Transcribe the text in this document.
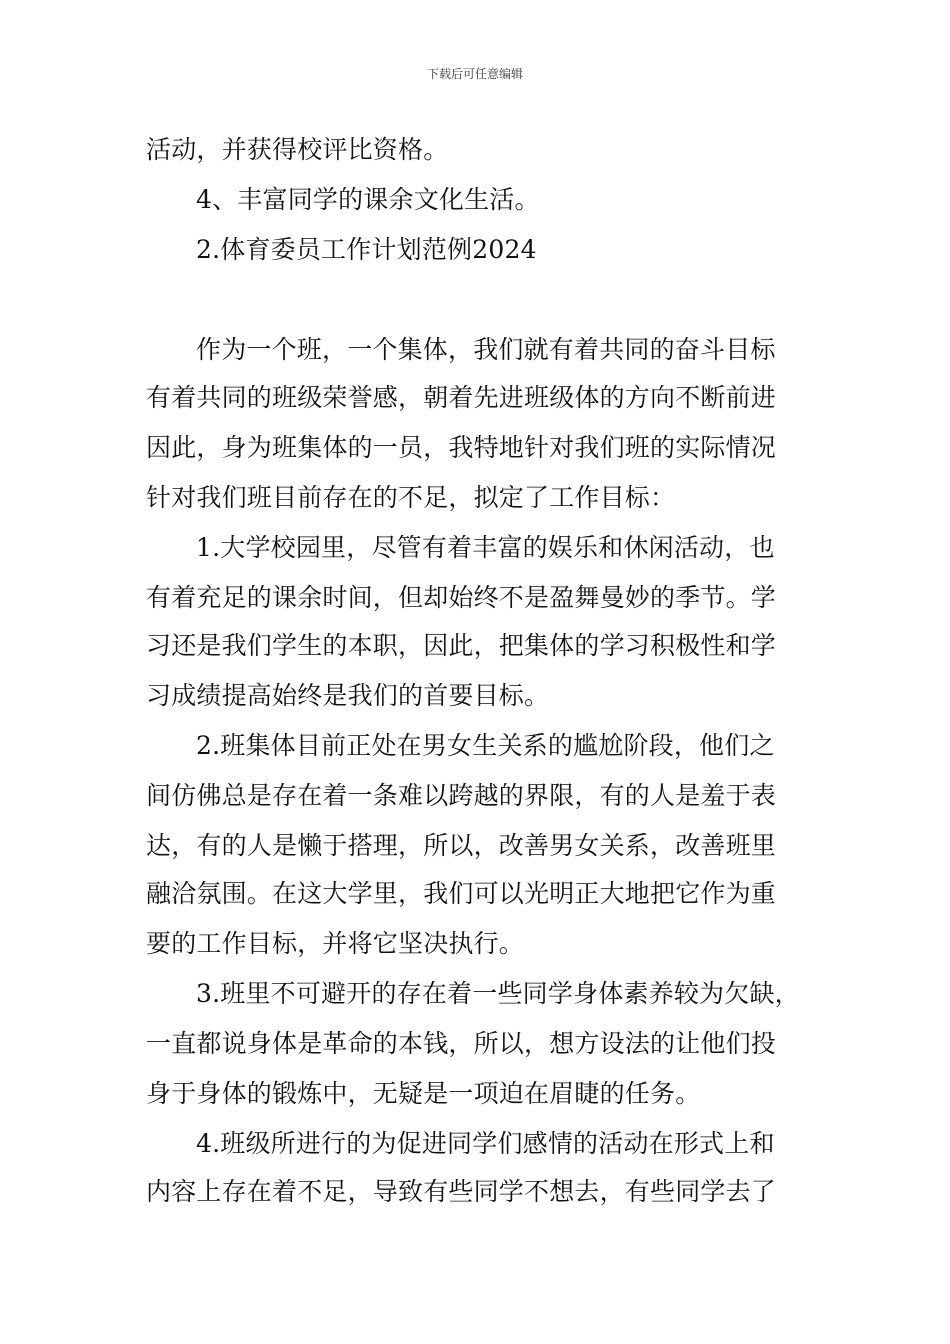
下载后可任意编辑
活动，并获得校评比资格。
4、丰富同学的课余文化生活。
2.体育委员工作计划范例2024
作为一个班，一个集体，我们就有着共同的奋斗目标
有着共同的班级荣誉感，朝着先进班级体的方向不断前进
因此，身为班集体的一员，我特地针对我们班的实际情况
针对我们班目前存在的不足，拟定了工作目标：
1.大学校园里，尽管有着丰富的娱乐和休闲活动，也
有着充足的课余时间，但却始终不是盈舞曼妙的季节。学
习还是我们学生的本职，因此，把集体的学习积极性和学
习成绩提高始终是我们的首要目标。
2.班集体目前正处在男女生关系的尴尬阶段，他们之
间仿佛总是存在着一条难以跨越的界限，有的人是羞于表
达，有的人是懒于搭理，所以，改善男女关系，改善班里
融洽氛围。在这大学里，我们可以光明正大地把它作为重
要的工作目标，并将它坚决执行。
3.班里不可避开的存在着一些同学身体素养较为欠缺，
一直都说身体是革命的本钱，所以，想方设法的让他们投
身于身体的锻炼中，无疑是一项迫在眉睫的任务。
4.班级所进行的为促进同学们感情的活动在形式上和
内容上存在着不足，导致有些同学不想去，有些同学去了
